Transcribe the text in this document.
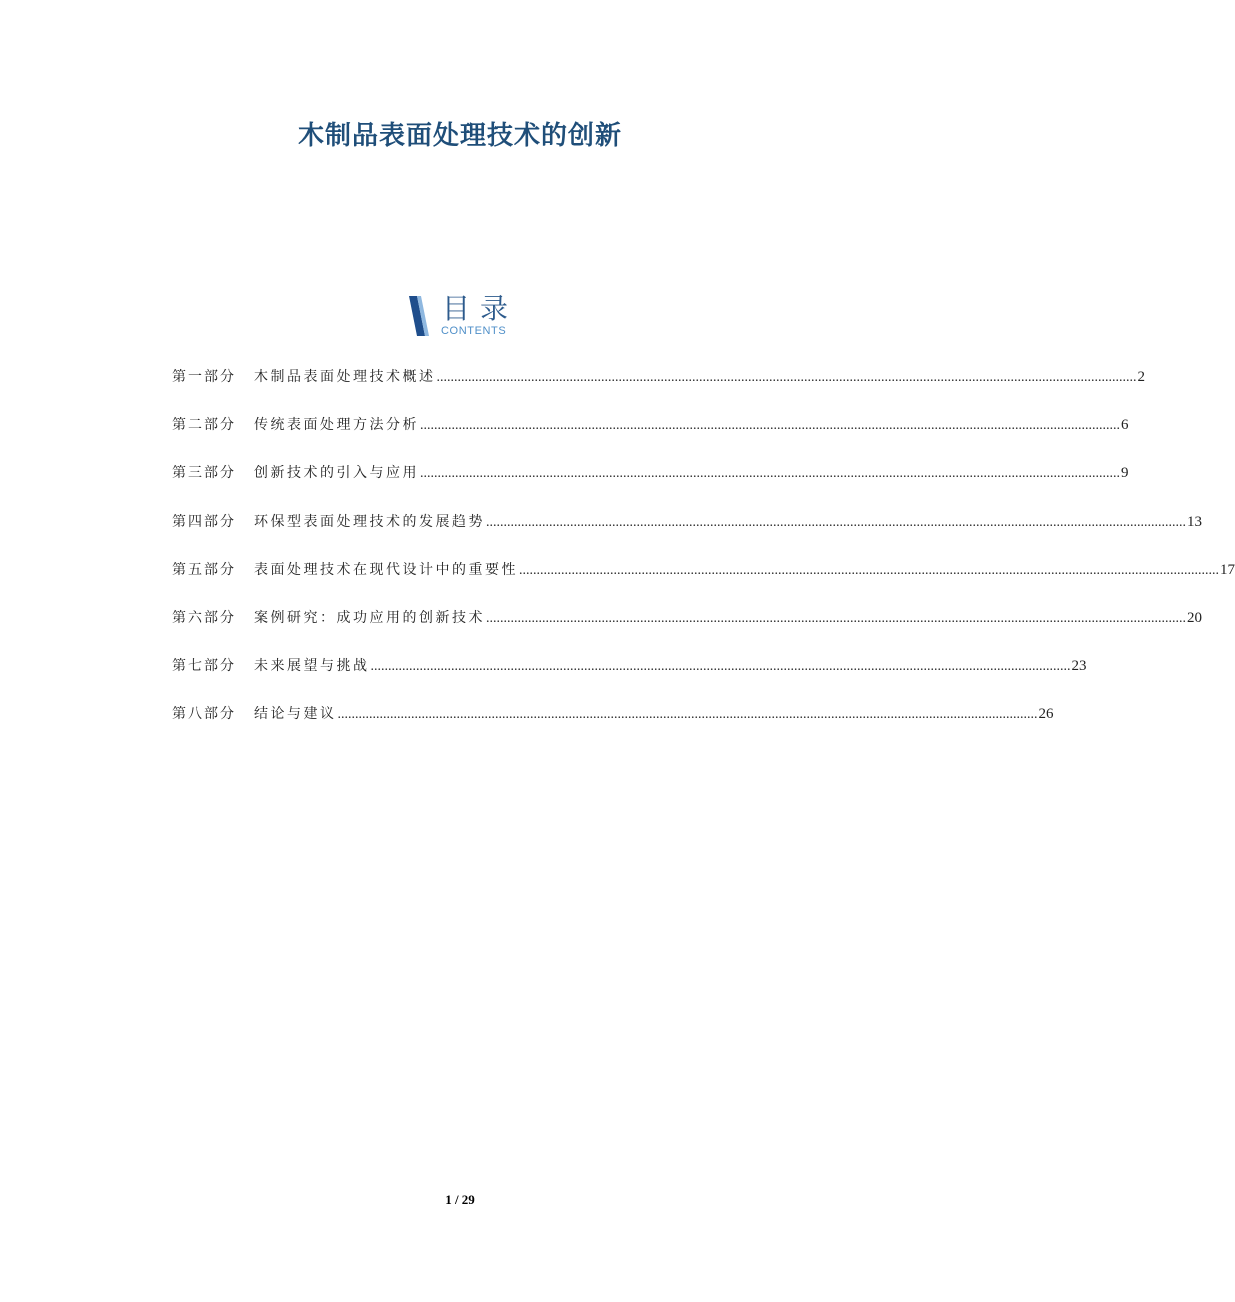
木制品表面处理技术的创新
目录
CONTENTS
第一部分	木制品表面处理技术概述 ........................................................................................................................................................................................................ 2
第二部分	传统表面处理方法分析 ........................................................................................................................................................................................................ 6
第三部分	创新技术的引入与应用 ........................................................................................................................................................................................................ 9
第四部分	环保型表面处理技术的发展趋势 ........................................................................................................................................................................................................ 13
第五部分	表面处理技术在现代设计中的重要性 ........................................................................................................................................................................................................ 17
第六部分	案例研究：成功应用的创新技术 ........................................................................................................................................................................................................ 20
第七部分	未来展望与挑战 ........................................................................................................................................................................................................ 23
第八部分	结论与建议 ........................................................................................................................................................................................................ 26
1 / 29
